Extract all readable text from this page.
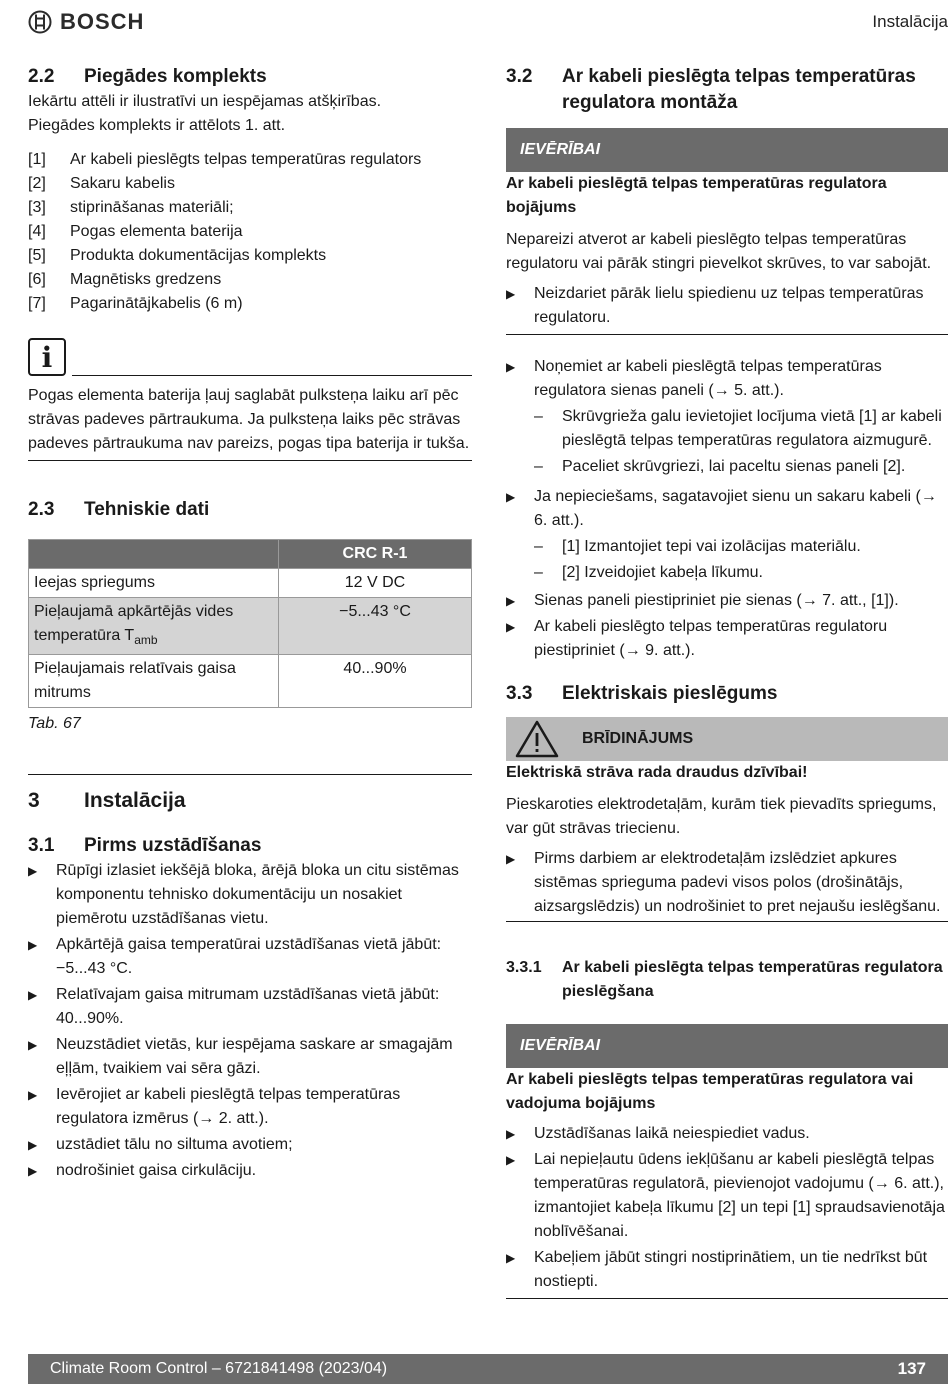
BOSCH	Instalācija
2.2	Piegādes komplekts

Iekārtu attēli ir ilustratīvi un iespējamas atšķirības.

Piegādes komplekts ir attēlots 1. att.

[1]	Ar kabeli pieslēgts telpas temperatūras regulators
[2]	Sakaru kabelis
[3]	stiprināšanas materiāli;
[4]	Pogas elementa baterija
[5]	Produkta dokumentācijas komplekts
[6]	Magnētisks gredzens
[7]	Pagarinātājkabelis (6 m)
i

Pogas elementa baterija ļauj saglabāt pulksteņa laiku arī pēc strāvas padeves pārtraukuma. Ja pulksteņa laiks pēc strāvas padeves pārtraukuma nav pareizs, pogas tipa baterija ir tukša.

2.3	Tehniskie dati
	CRC R-1
Ieejas spriegums	12 V DC
Pieļaujamā apkārtējās vides temperatūra $T_{amb}$	−5...43 °C
Pieļaujamais relatīvais gaisa mitrums	40...90%
Tab. 67
3	Instalācija
3.1	Pirms uzstādīšanas
▶	Rūpīgi izlasiet iekšējā bloka, ārējā bloka un citu sistēmas komponentu tehnisko dokumentāciju un nosakiet piemērotu uzstādīšanas vietu.
▶	Apkārtējā gaisa temperatūrai uzstādīšanas vietā jābūt: −5...43 °C.
▶	Relatīvajam gaisa mitrumam uzstādīšanas vietā jābūt: 40...90%.
▶	Neuzstādiet vietās, kur iespējama saskare ar smagajām eļļām, tvaikiem vai sēra gāzi.
▶	Ievērojiet ar kabeli pieslēgtā telpas temperatūras regulatora izmērus (→ 2. att.).
▶	uzstādiet tālu no siltuma avotiem;
▶	nodrošiniet gaisa cirkulāciju.
3.2	Ar kabeli pieslēgta telpas temperatūras regulatora montāža
IEVĒRĪBAI

Ar kabeli pieslēgtā telpas temperatūras regulatora bojājums

Nepareizi atverot ar kabeli pieslēgto telpas temperatūras regulatoru vai pārāk stingri pievelkot skrūves, to var sabojāt.

▶	Neizdariet pārāk lielu spiedienu uz telpas temperatūras regulatoru.
▶	Noņemiet ar kabeli pieslēgtā telpas temperatūras regulatora sienas paneli (→ 5. att.).
–	Skrūvgrieža galu ievietojiet locījuma vietā [1] ar kabeli pieslēgtā telpas temperatūras regulatora aizmugurē.
–	Paceliet skrūvgriezi, lai paceltu sienas paneli [2].
▶	Ja nepieciešams, sagatavojiet sienu un sakaru kabeli (→ 6. att.).
–	[1] Izmantojiet tepi vai izolācijas materiālu.
–	[2] Izveidojiet kabeļa līkumu.
▶	Sienas paneli piestipriniet pie sienas (→ 7. att., [1]).
▶	Ar kabeli pieslēgto telpas temperatūras regulatoru piestipriniet (→ 9. att.).
3.3	Elektriskais pieslēgums
BRĪDINĀJUMS

Elektriskā strāva rada draudus dzīvībai!

Pieskaroties elektrodetaļām, kurām tiek pievadīts spriegums, var gūt strāvas triecienu.

▶	Pirms darbiem ar elektrodetaļām izslēdziet apkures sistēmas sprieguma padevi visos polos (drošinātājs, aizsargslēdzis) un nodrošiniet to pret nejaušu ieslēgšanu.
3.3.1	Ar kabeli pieslēgta telpas temperatūras regulatora pieslēgšana
IEVĒRĪBAI

Ar kabeli pieslēgts telpas temperatūras regulatora vai vadojuma bojājums

▶	Uzstādīšanas laikā neiespiediet vadus.
▶	Lai nepieļautu ūdens iekļūšanu ar kabeli pieslēgtā telpas temperatūras regulatorā, pievienojot vadojumu (→ 6. att.), izmantojiet kabeļa līkumu [2] un tepi [1] spraudsavienotāja noblīvēšanai.
▶	Kabeļiem jābūt stingri nostiprinātiem, un tie nedrīkst būt nostiepti.
Climate Room Control – 6721841498 (2023/04)	137
